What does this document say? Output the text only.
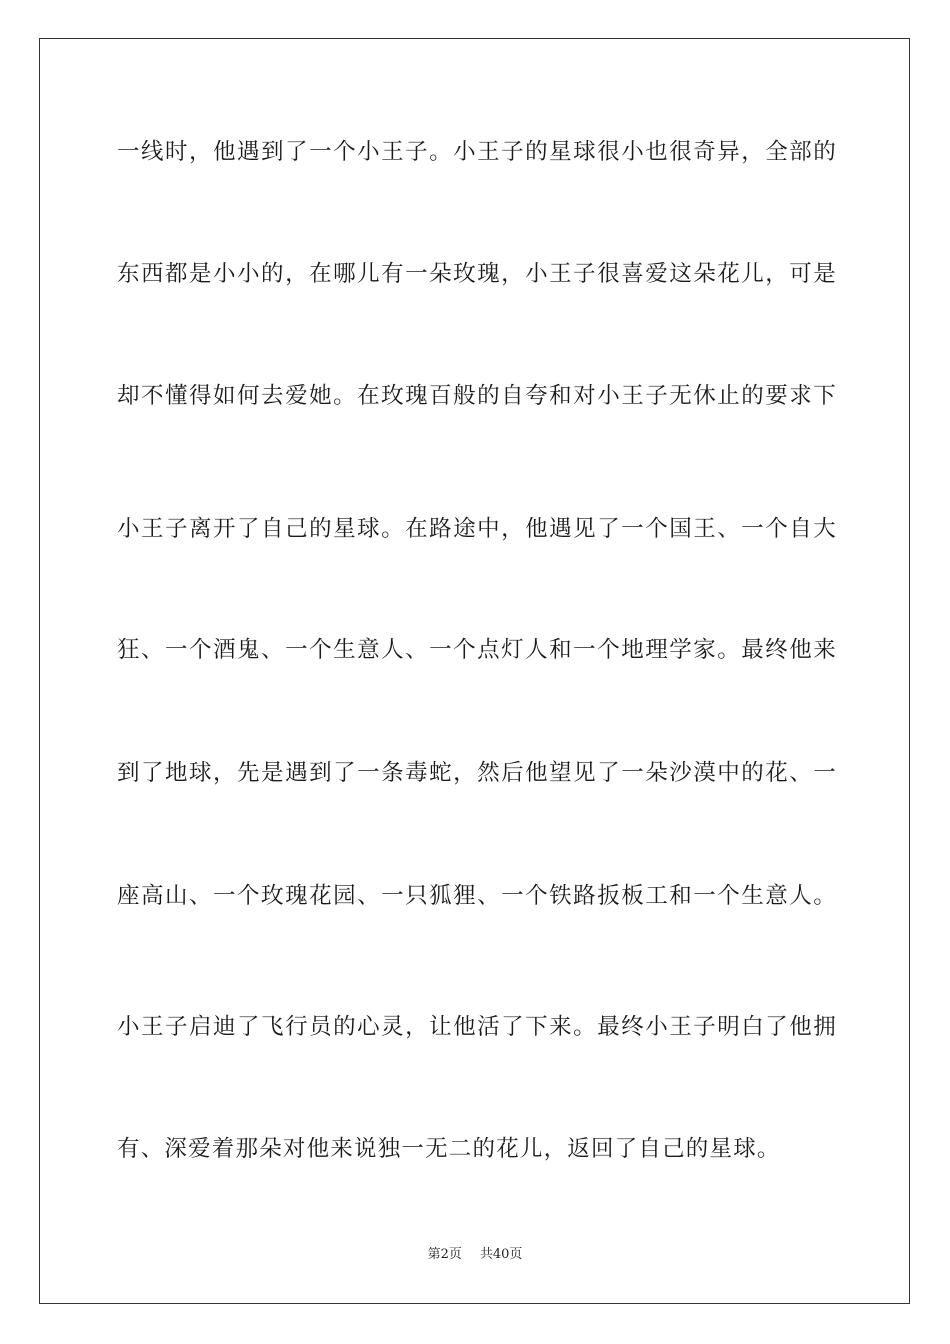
一线时，他遇到了一个小王子。小王子的星球很小也很奇异，全部的
东西都是小小的，在哪儿有一朵玫瑰，小王子很喜爱这朵花儿，可是
却不懂得如何去爱她。在玫瑰百般的自夸和对小王子无休止的要求下
小王子离开了自己的星球。在路途中，他遇见了一个国王、一个自大
狂、一个酒鬼、一个生意人、一个点灯人和一个地理学家。最终他来
到了地球，先是遇到了一条毒蛇，然后他望见了一朵沙漠中的花、一
座高山、一个玫瑰花园、一只狐狸、一个铁路扳板工和一个生意人。
小王子启迪了飞行员的心灵，让他活了下来。最终小王子明白了他拥
有、深爱着那朵对他来说独一无二的花儿，返回了自己的星球。
第2页 共40页
